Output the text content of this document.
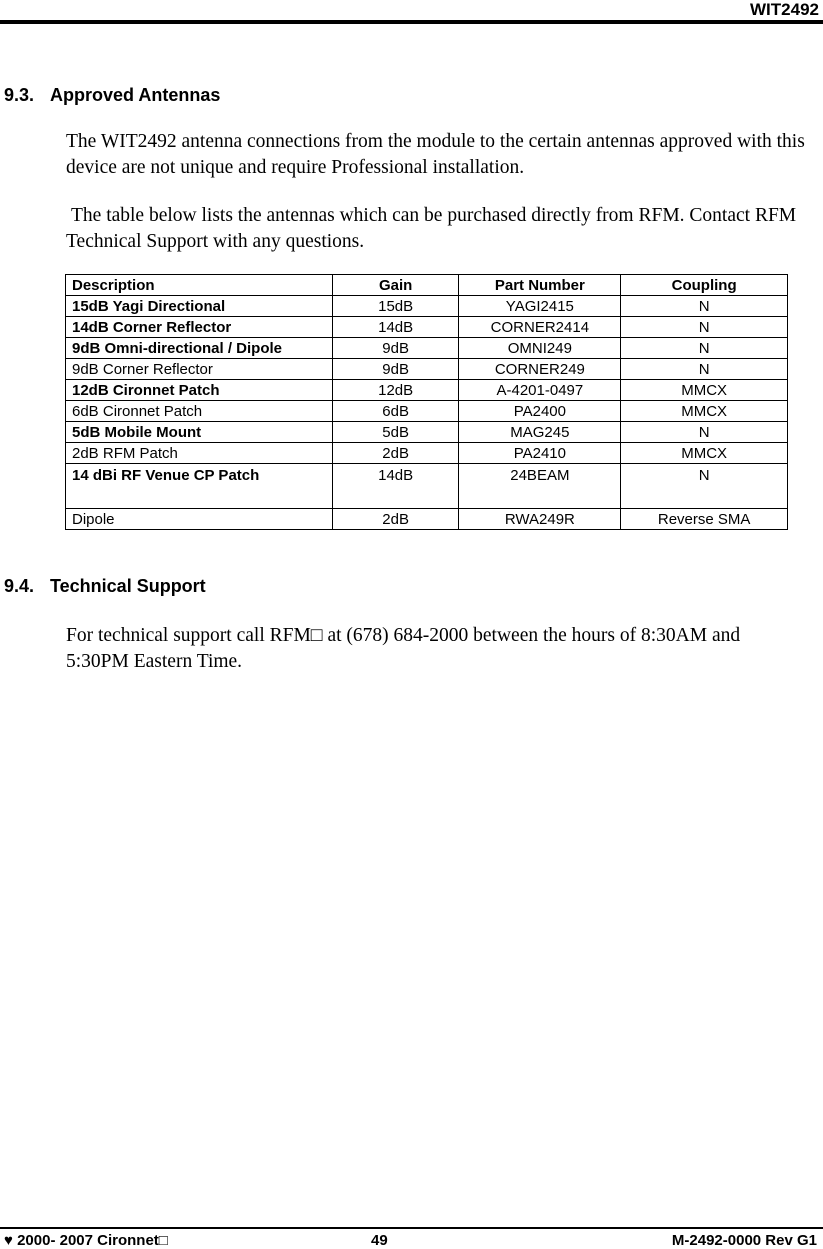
WIT2492
9.3. Approved Antennas
The WIT2492 antenna connections from the module to the certain antennas approved with this device are not unique and require Professional installation.
The table below lists the antennas which can be purchased directly from RFM. Contact RFM Technical Support with any questions.
Description	Gain	Part Number	Coupling
15dB Yagi Directional	15dB	YAGI2415	N
14dB Corner Reflector	14dB	CORNER2414	N
9dB Omni-directional / Dipole	9dB	OMNI249	N
9dB Corner Reflector	9dB	CORNER249	N
12dB Cironnet Patch	12dB	A-4201-0497	MMCX
6dB Cironnet Patch	6dB	PA2400	MMCX
5dB Mobile Mount	5dB	MAG245	N
2dB RFM Patch	2dB	PA2410	MMCX
14 dBi RF Venue CP Patch	14dB	24BEAM	N
Dipole	2dB	RWA249R	Reverse SMA
9.4. Technical Support
For technical support call RFM□ at (678) 684-2000 between the hours of 8:30AM and 5:30PM Eastern Time.
♥ 2000- 2007 Cironnet□	49	M-2492-0000 Rev G1
